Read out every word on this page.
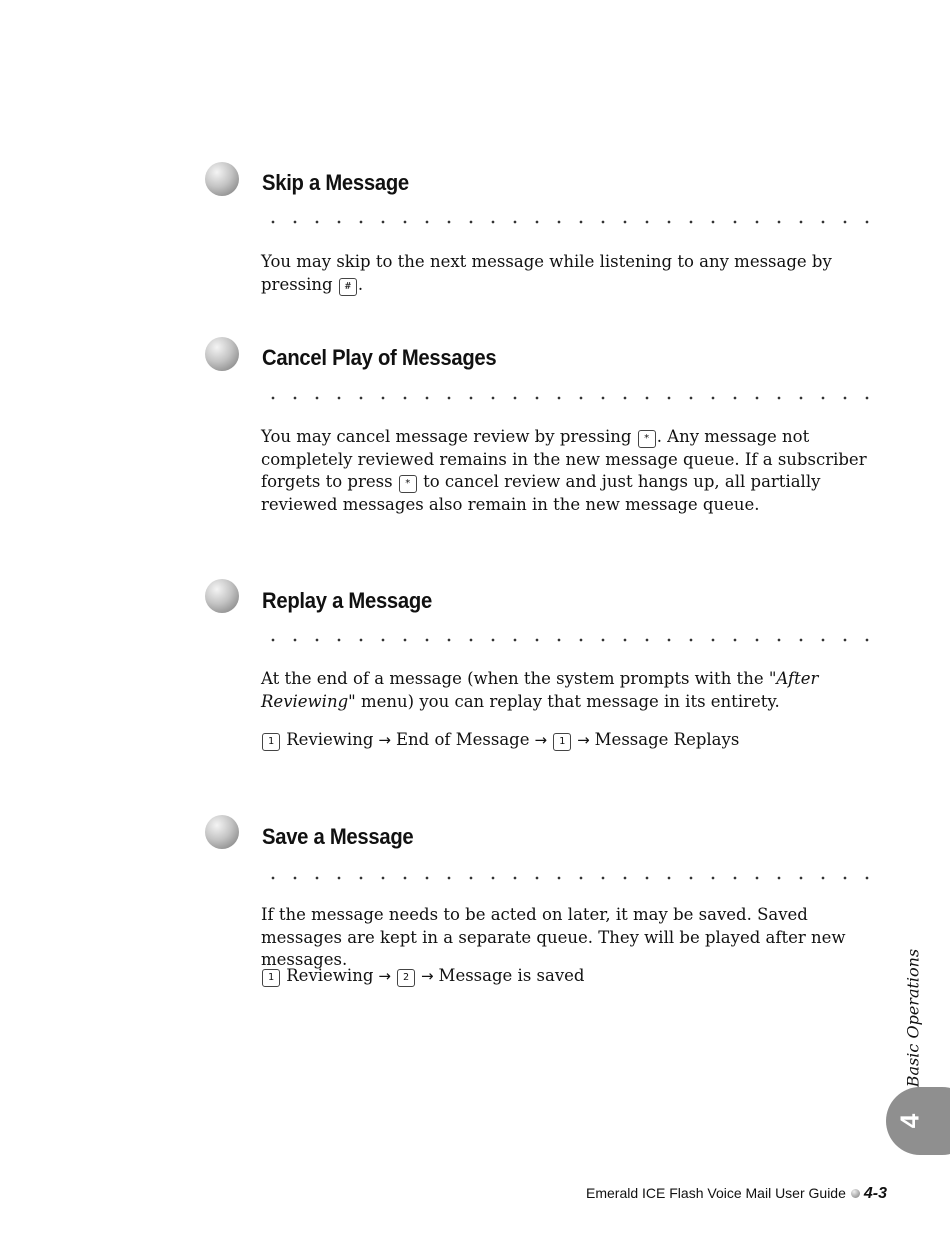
Skip a Message
You may skip to the next message while listening to any message by pressing # .
Cancel Play of Messages
You may cancel message review by pressing * . Any message not completely reviewed remains in the new message queue. If a subscriber forgets to press * to cancel review and just hangs up, all partially reviewed messages also remain in the new message queue.
Replay a Message
At the end of a message (when the system prompts with the "After Reviewing" menu) you can replay that message in its entirety.
1 Reviewing → End of Message → 1 → Message Replays
Save a Message
If the message needs to be acted on later, it may be saved. Saved messages are kept in a separate queue. They will be played after new messages.
1 Reviewing → 2 → Message is saved	Basic Operations
4
Emerald ICE Flash Voice Mail User Guide 4-3
